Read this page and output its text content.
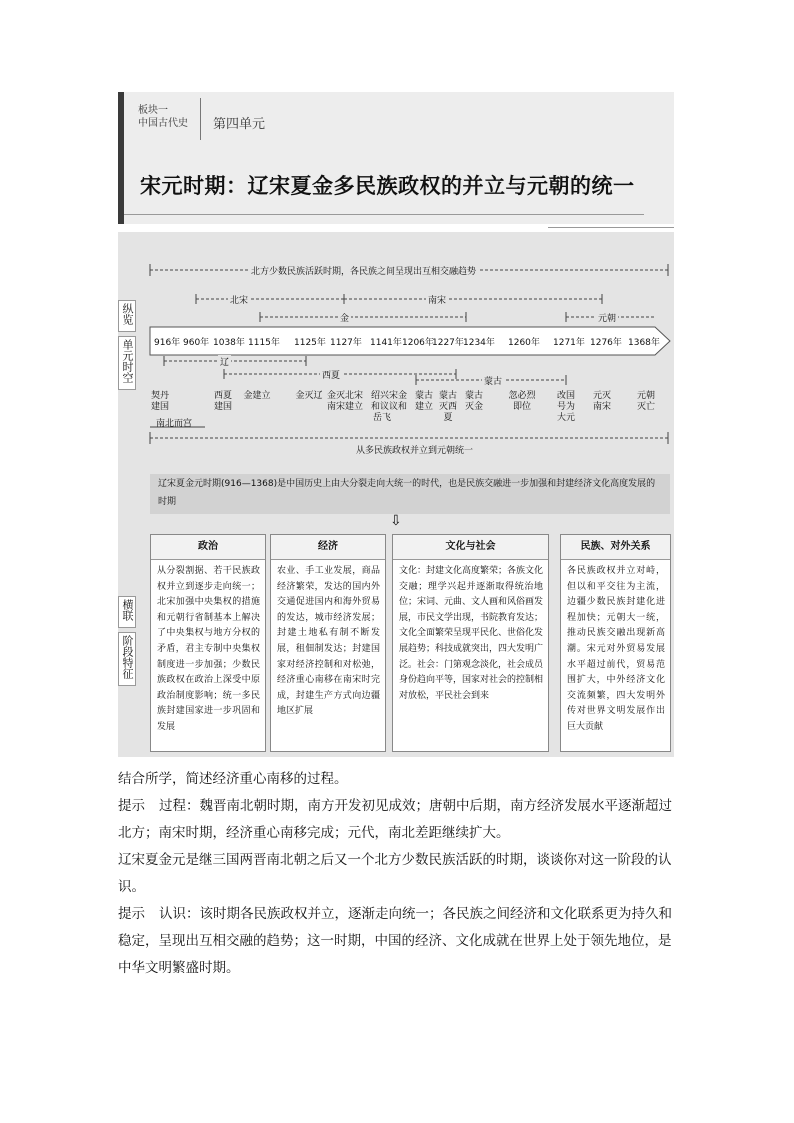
板块一
中国古代史 第四单元
宋元时期：辽宋夏金多民族政权的并立与元朝的统一
纵览
单元时空
横联
阶段特征
北方少数民族活跃时期，各民族之间呈现出互相交融趋势
北宋	南宋
金	元朝
辽
西夏
蒙古
916年 960年 1038年 1115年 1125年 1127年 1141年 1206年
1227年 1234年 1260年 1271年 1276年 1368年
契丹
建国
西夏
建国
金建立	金灭辽 金灭北宋
南宋建立
绍兴
和议
岳飞
宋金
议和
蒙古
建立
蒙古
灭西
夏
蒙古
灭金
忽必烈
即位
改国
号为
大元
元灭
南宋
元朝
灭亡
南北而宫
从多民族政权并立到元朝统一
辽宋夏金元时期(916—1368)是中国历史上由大分裂走向大统一的时代，也是民族交融进一步加强和封建经济文化高度发展的时期
⇩
政治
从分裂割据、若干民族政权并立到逐步走向统一；北宋加强中央集权的措施和元朝行省制基本上解决了中央集权与地方分权的矛盾，君主专制中央集权制度进一步加强；少数民族政权在政治上深受中原政治制度影响；统一多民族封建国家进一步巩固和发展
经济
农业、手工业发展，商品经济繁荣，发达的国内外交通促进国内和海外贸易的发达，城市经济发展；封建土地私有制不断发展，租佃制发达；封建国家对经济控制和对松弛，经济重心南移在南宋时完成，封建生产方式向边疆地区扩展
文化与社会
文化：封建文化高度繁荣；各族文化交融；理学兴起并逐渐取得统治地位；宋词、元曲、文人画和风俗画发展，市民文学出现，书院教育发达；文化全面繁荣呈现平民化、世俗化发展趋势；科技成就突出，四大发明广泛。社会：门第观念淡化，社会成员身份趋向平等，国家对社会的控制相对放松，平民社会到来
民族、对外关系
各民族政权并立对峙，但以和平交往为主流，边疆少数民族封建化进程加快；元朝大一统，推动民族交融出现新高潮。宋元对外贸易发展水平超过前代，贸易范围扩大，中外经济文化交流频繁，四大发明外传对世界文明发展作出巨大贡献
结合所学，简述经济重心南移的过程。
提示 过程：魏晋南北朝时期，南方开发初见成效；唐朝中后期，南方经济发展水平逐渐超过北方；南宋时期，经济重心南移完成；元代，南北差距继续扩大。
辽宋夏金元是继三国两晋南北朝之后又一个北方少数民族活跃的时期，谈谈你对这一阶段的认识。
提示 认识：该时期各民族政权并立，逐渐走向统一；各民族之间经济和文化联系更为持久和稳定，呈现出互相交融的趋势；这一时期，中国的经济、文化成就在世界上处于领先地位，是中华文明繁盛时期。
